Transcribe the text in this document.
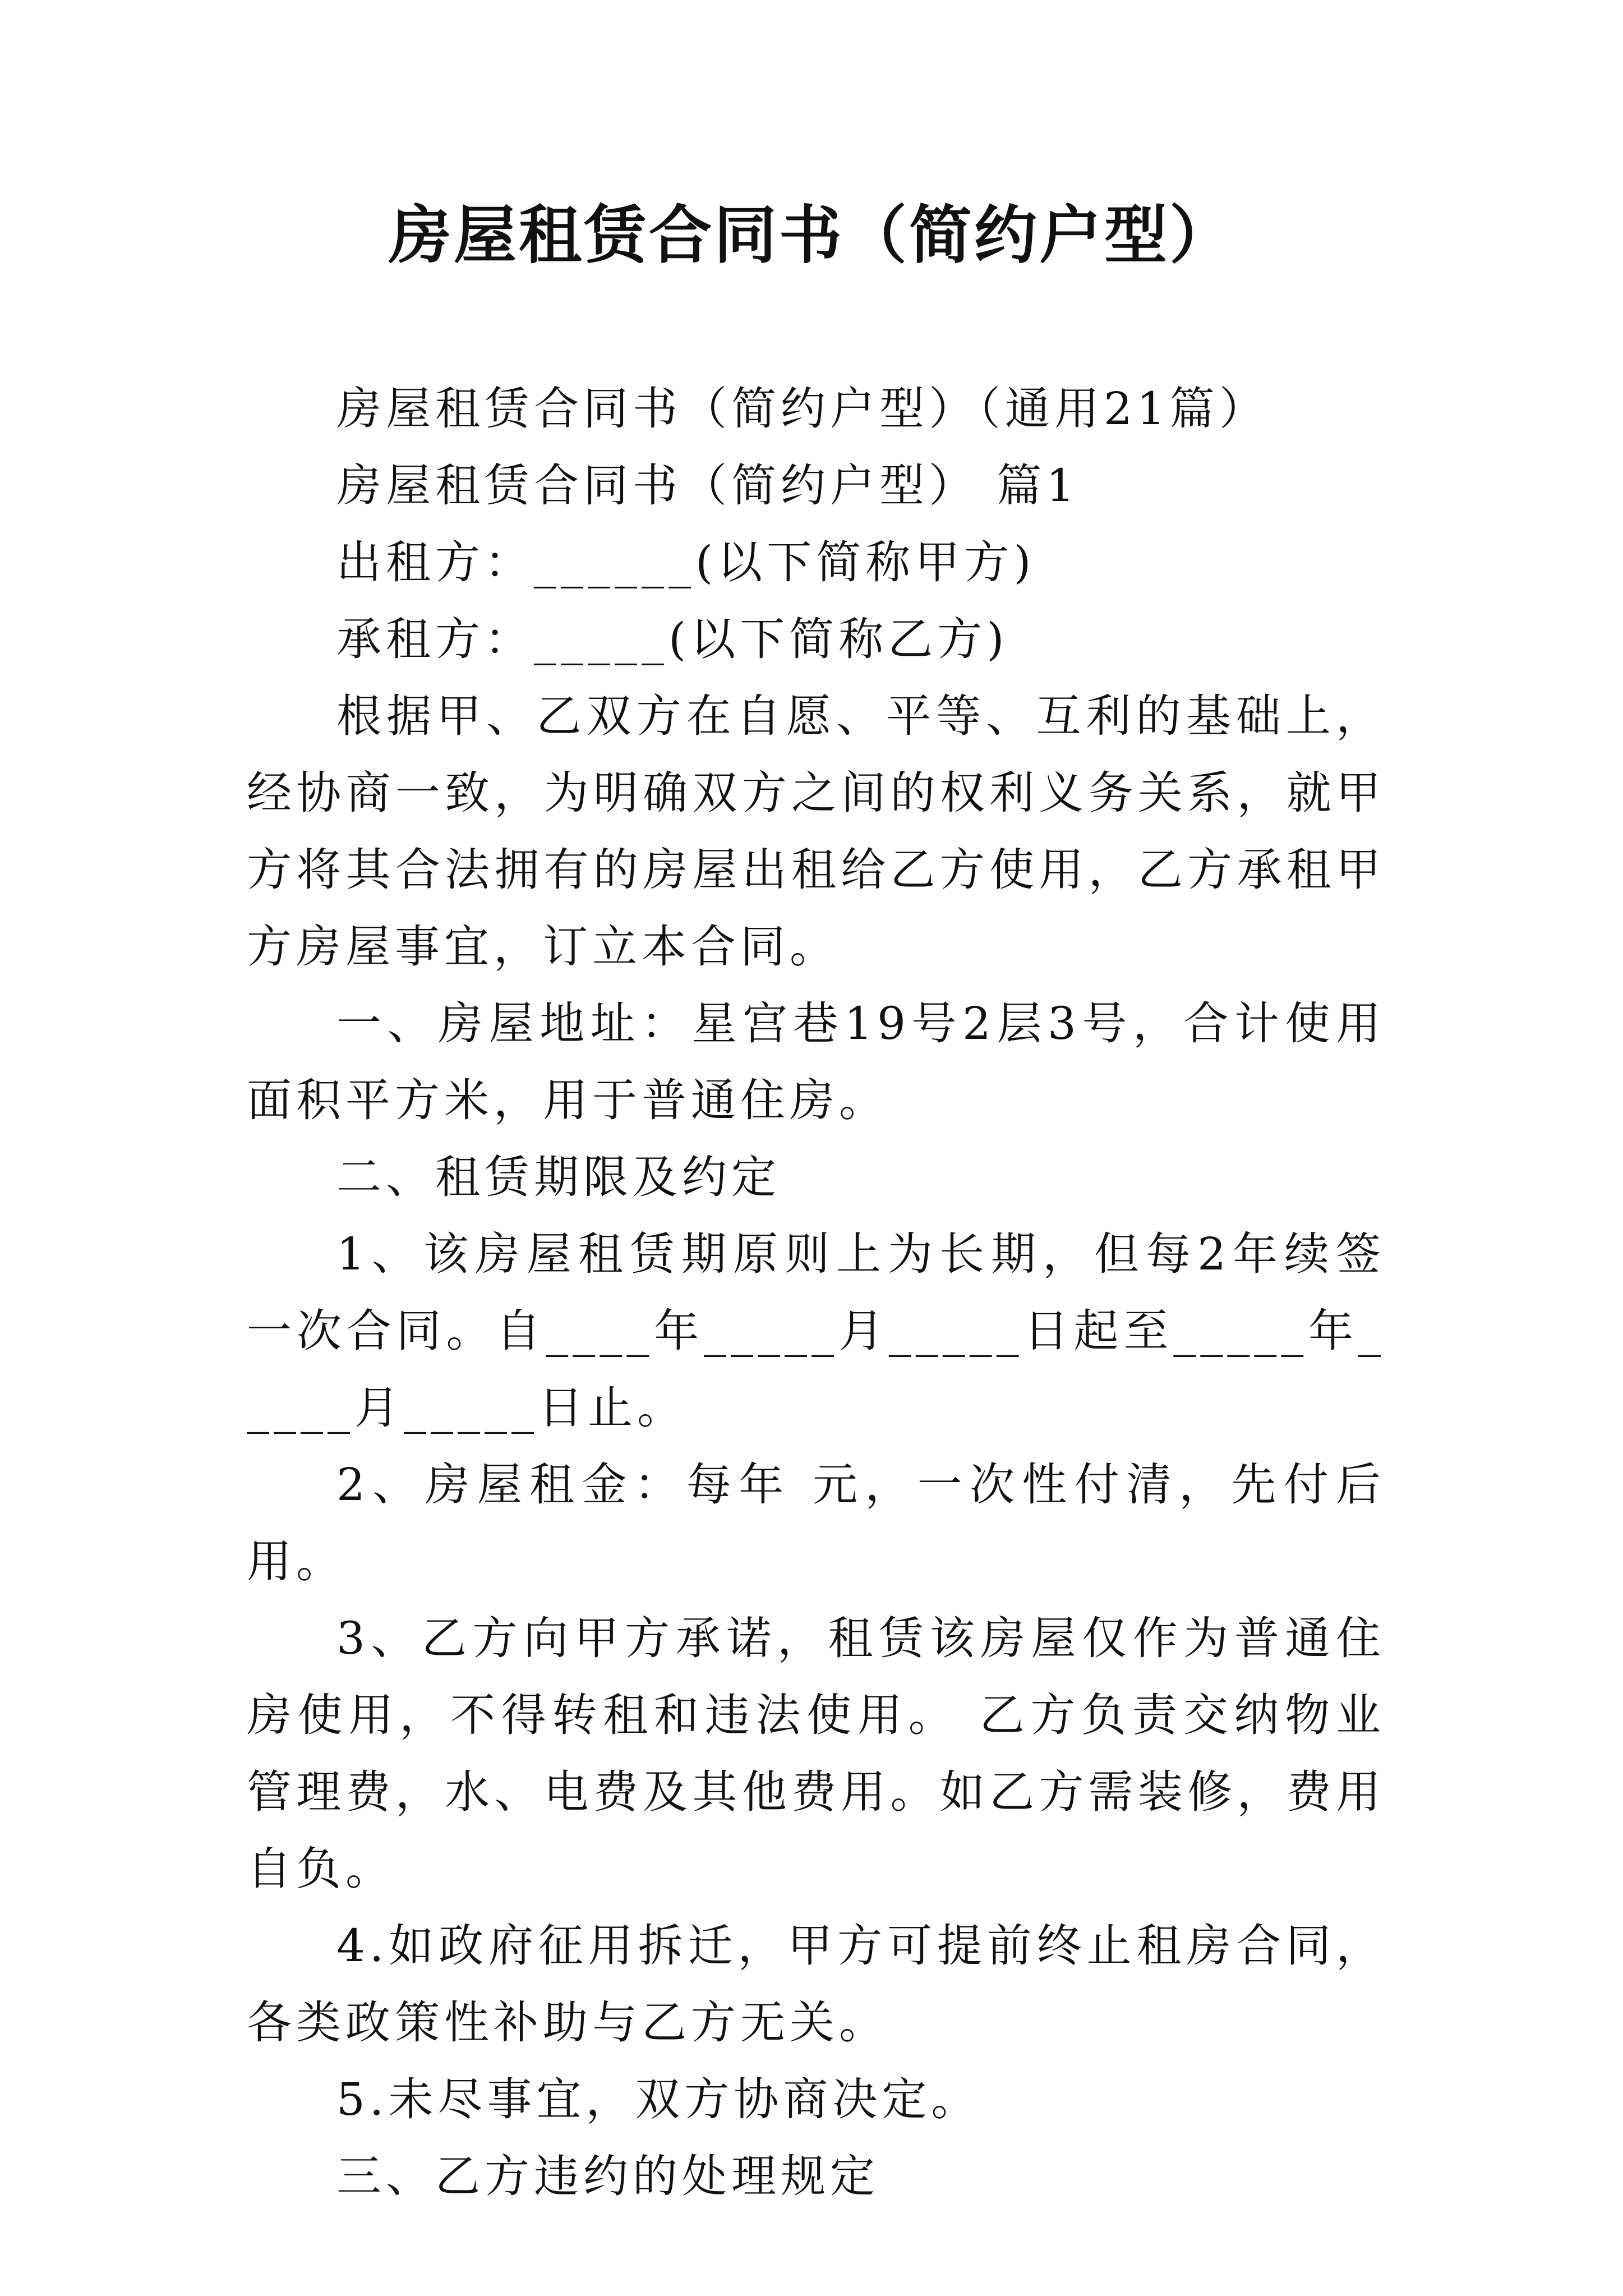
房屋租赁合同书（简约户型）

房屋租赁合同书（简约户型）（通用21篇）

房屋租赁合同书（简约户型） 篇1

出租方：______(以下简称甲方)

承租方：_____(以下简称乙方)

根据甲、乙双方在自愿、平等、互利的基础上，经协商一致，为明确双方之间的权利义务关系，就甲方将其合法拥有的房屋出租给乙方使用，乙方承租甲方房屋事宜，订立本合同。

一、房屋地址：星宫巷19号2层3号，合计使用面积平方米，用于普通住房。

二、租赁期限及约定

1、该房屋租赁期原则上为长期，但每2年续签一次合同。自____年_____月_____日起至_____年_____月_____日止。

2、房屋租金：每年 元，一次性付清，先付后用。

3、乙方向甲方承诺，租赁该房屋仅作为普通住房使用，不得转租和违法使用。 乙方负责交纳物业管理费，水、电费及其他费用。如乙方需装修，费用自负。

4.如政府征用拆迁，甲方可提前终止租房合同，各类政策性补助与乙方无关。

5.未尽事宜，双方协商决定。

三、乙方违约的处理规定
